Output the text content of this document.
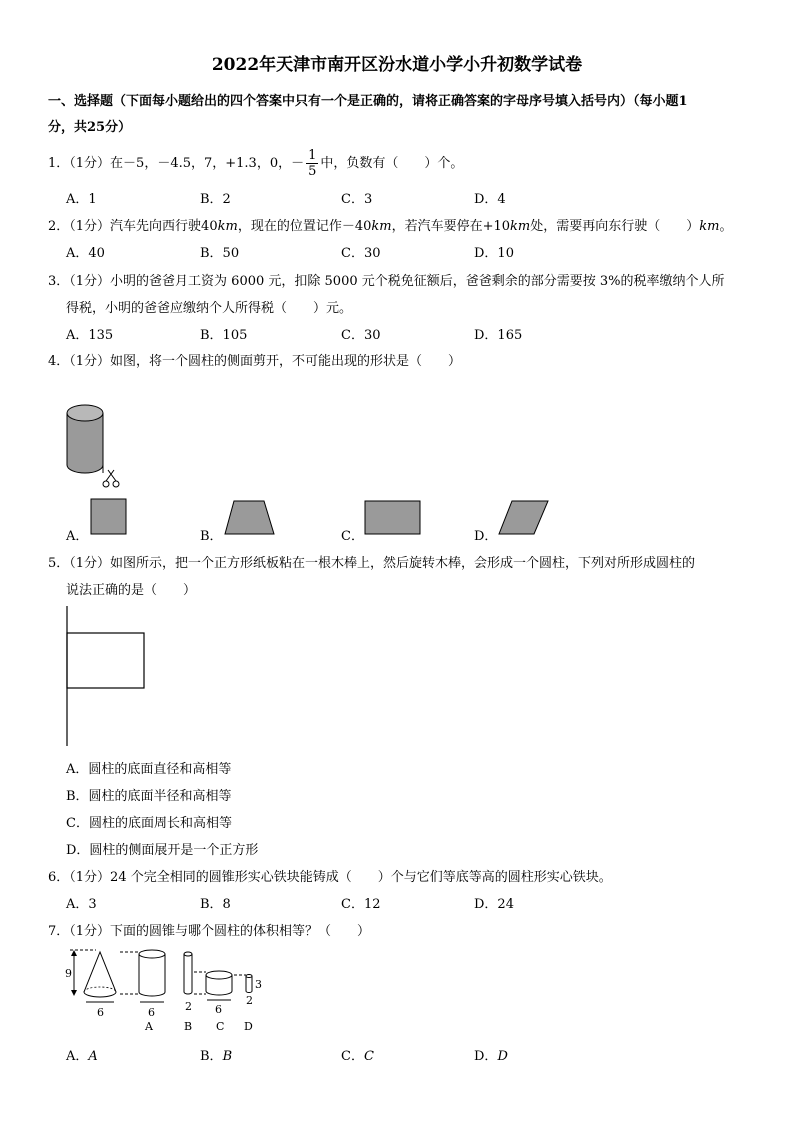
2022年天津市南开区汾水道小学小升初数学试卷
一、选择题（下面每小题给出的四个答案中只有一个是正确的，请将正确答案的字母序号填入括号内）（每小题1
分，共25分）
1．（1分）在－5，－4.5，7，+1.3，0，－ $\frac{1}{5}$ 中，负数有（　　）个。
A．1	B．2	C．3	D．4
2．（1分）汽车先向西行驶40km，现在的位置记作－40km，若汽车要停在+10km处，需要再向东行驶（　　）km。
A．40	B．50	C．30	D．10
3．（1分）小明的爸爸月工资为 6000 元，扣除 5000 元个税免征额后，爸爸剩余的部分需要按 3%的税率缴纳个人所
得税，小明的爸爸应缴纳个人所得税（　　）元。
A．135	B．105	C．30	D．165
4．（1分）如图，将一个圆柱的侧面剪开，不可能出现的形状是（　　）
A．	B．	C．	D．
5．（1分）如图所示，把一个正方形纸板粘在一根木棒上，然后旋转木棒，会形成一个圆柱，下列对所形成圆柱的
说法正确的是（　　）
A．圆柱的底面直径和高相等
B．圆柱的底面半径和高相等
C．圆柱的底面周长和高相等
D．圆柱的侧面展开是一个正方形
6．（1分）24 个完全相同的圆锥形实心铁块能铸成（　　）个与它们等底等高的圆柱形实心铁块。
A．3	B．8	C．12	D．24
7．（1分）下面的圆锥与哪个圆柱的体积相等？（　　）
9
6	6
A
2
B
6
C
3
2
D
A．A	B．B	C．C	D．D
